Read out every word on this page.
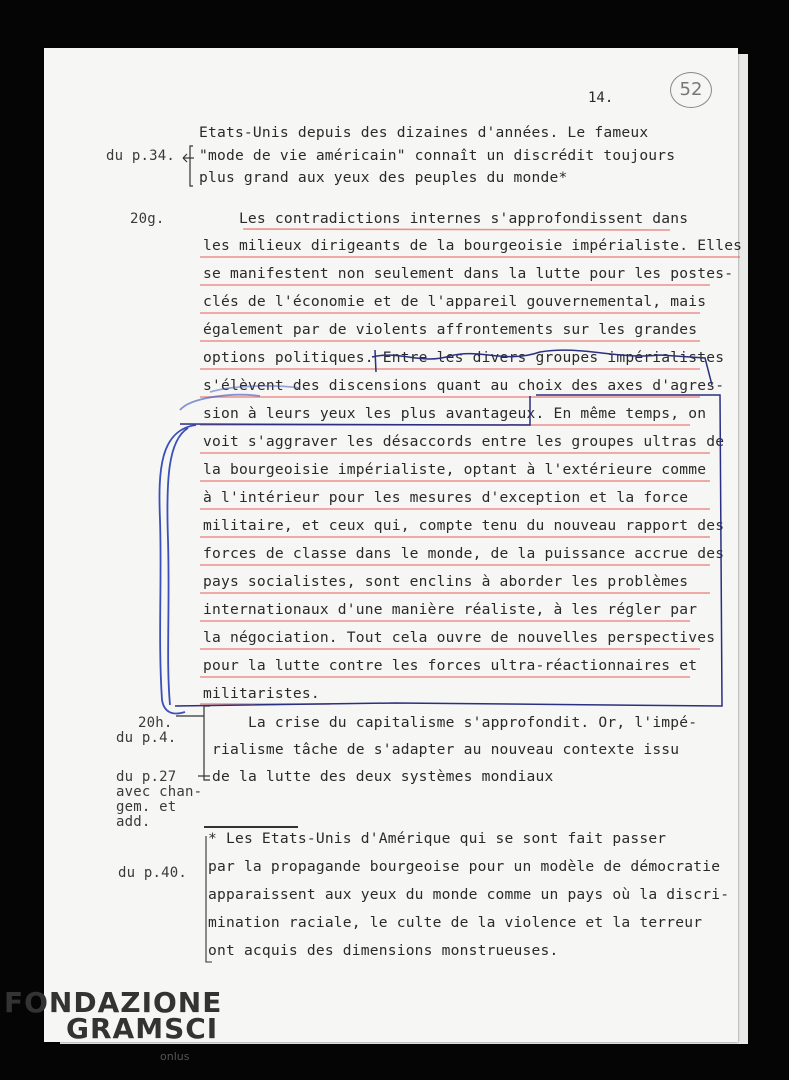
14.	52
du p.34.
20g.
20h.
du p.4.
du p.27
avec chan-
gem. et
add.
du p.40.
Etats-Unis depuis des dizaines d'années. Le fameux
"mode de vie américain" connaît un discrédit toujours
plus grand aux yeux des peuples du monde*
Les contradictions internes s'approfondissent dans
les milieux dirigeants de la bourgeoisie impérialiste. Elles
se manifestent non seulement dans la lutte pour les postes-
clés de l'économie et de l'appareil gouvernemental, mais
également par de violents affrontements sur les grandes
options politiques. Entre les divers groupes impérialistes
s'élèvent des discensions quant au choix des axes d'agres-
sion à leurs yeux les plus avantageux. En même temps, on
voit s'aggraver les désaccords entre les groupes ultras de
la bourgeoisie impérialiste, optant à l'extérieure comme
à l'intérieur pour les mesures d'exception et la force
militaire, et ceux qui, compte tenu du nouveau rapport des
forces de classe dans le monde, de la puissance accrue des
pays socialistes, sont enclins à aborder les problèmes
internationaux d'une manière réaliste, à les régler par
la négociation. Tout cela ouvre de nouvelles perspectives
pour la lutte contre les forces ultra-réactionnaires et
militaristes.
La crise du capitalisme s'approfondit. Or, l'impé-
rialisme tâche de s'adapter au nouveau contexte issu
de la lutte des deux systèmes mondiaux
* Les Etats-Unis d'Amérique qui se sont fait passer
par la propagande bourgeoise pour un modèle de démocratie
apparaissent aux yeux du monde comme un pays où la discri-
mination raciale, le culte de la violence et la terreur
ont acquis des dimensions monstrueuses.
FONDAZIONE
GRAMSCI
onlus
